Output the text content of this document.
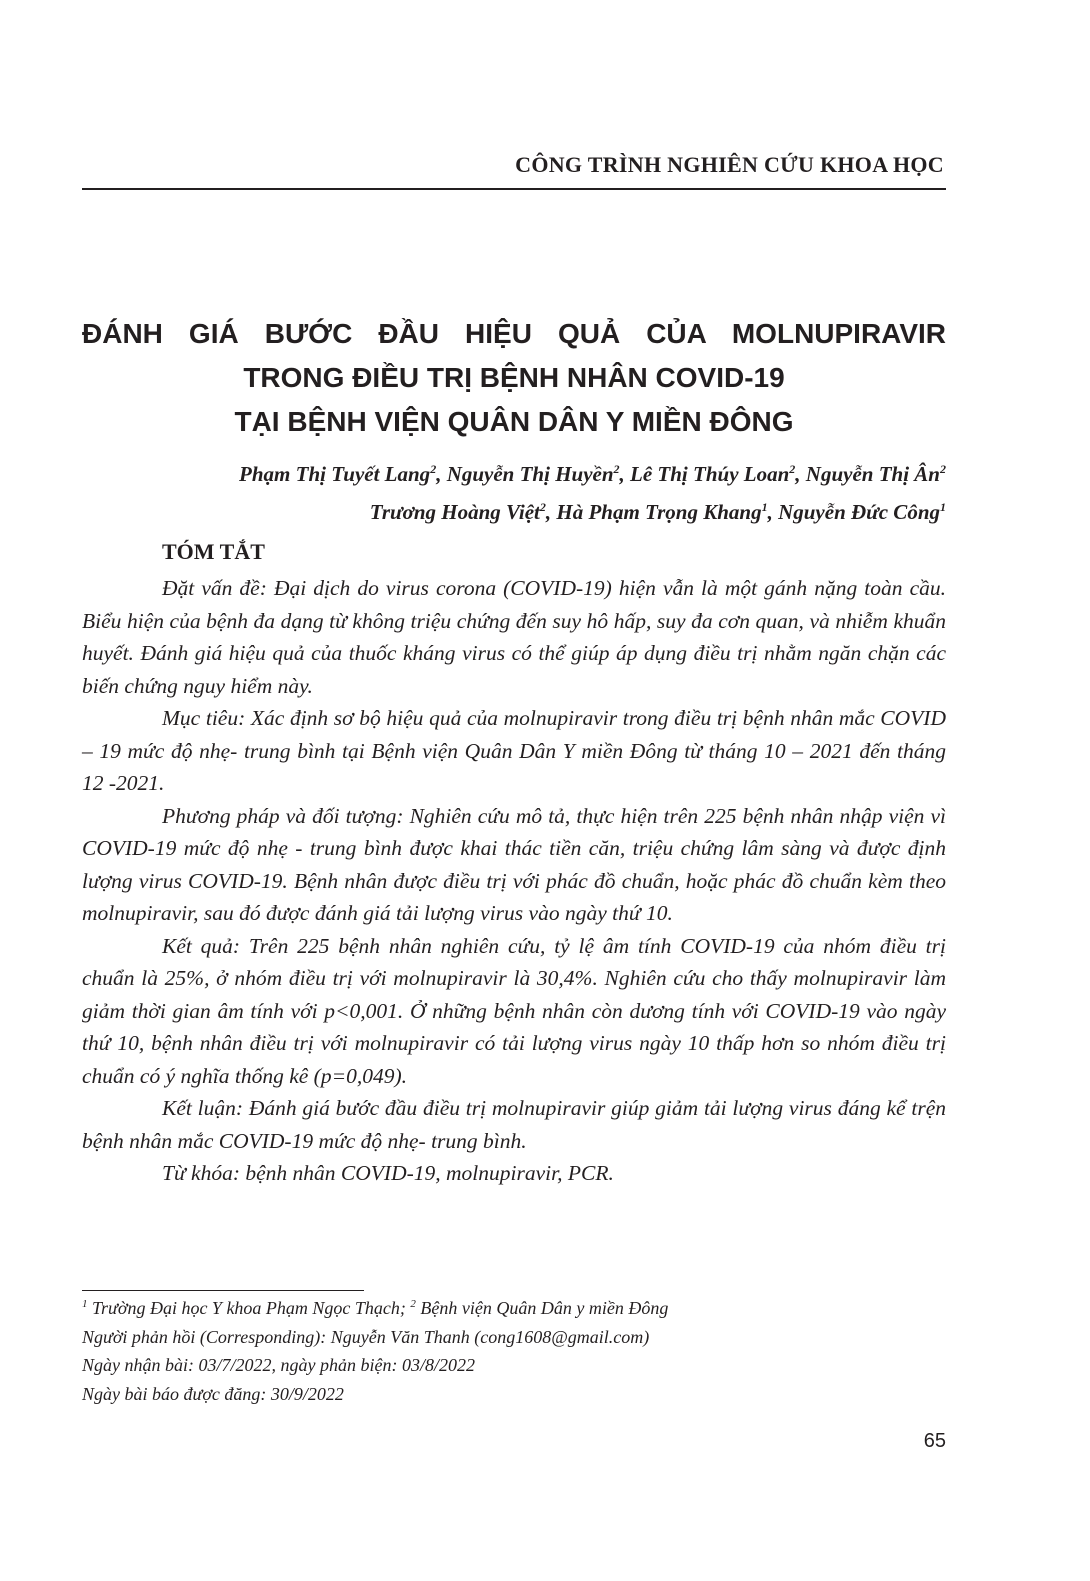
CÔNG TRÌNH NGHIÊN CỨU KHOA HỌC
ĐÁNH GIÁ BƯỚC ĐẦU HIỆU QUẢ CỦA MOLNUPIRAVIR
TRONG ĐIỀU TRỊ BỆNH NHÂN COVID-19
TẠI BỆNH VIỆN QUÂN DÂN Y MIỀN ĐÔNG
Phạm Thị Tuyết Lang$^2$, Nguyễn Thị Huyền$^2$, Lê Thị Thúy Loan$^2$, Nguyễn Thị $Ân^2$
Trương Hoàng Việt$^2$, Hà Phạm Trọng Khang$^1$, Nguyễn Đức Công$^1$
TÓM TẮT

Đặt vấn đề: Đại dịch do virus corona (COVID-19) hiện vẫn là một gánh nặng toàn cầu. Biểu hiện của bệnh đa dạng từ không triệu chứng đến suy hô hấp, suy đa cơn quan, và nhiễm khuẩn huyết. Đánh giá hiệu quả của thuốc kháng virus có thể giúp áp dụng điều trị nhằm ngăn chặn các biến chứng nguy hiểm này.

Mục tiêu: Xác định sơ bộ hiệu quả của molnupiravir trong điều trị bệnh nhân mắc COVID – 19 mức độ nhẹ- trung bình tại Bệnh viện Quân Dân Y miền Đông từ tháng 10 – 2021 đến tháng 12 -2021.

Phương pháp và đối tượng: Nghiên cứu mô tả, thực hiện trên 225 bệnh nhân nhập viện vì COVID-19 mức độ nhẹ - trung bình được khai thác tiền căn, triệu chứng lâm sàng và được định lượng virus COVID-19. Bệnh nhân được điều trị với phác đồ chuẩn, hoặc phác đồ chuẩn kèm theo molnupiravir, sau đó được đánh giá tải lượng virus vào ngày thứ 10.

Kết quả: Trên 225 bệnh nhân nghiên cứu, tỷ lệ âm tính COVID-19 của nhóm điều trị chuẩn là 25%, ở nhóm điều trị với molnupiravir là 30,4%. Nghiên cứu cho thấy molnupiravir làm giảm thời gian âm tính với p<0,001. Ở những bệnh nhân còn dương tính với COVID-19 vào ngày thứ 10, bệnh nhân điều trị với molnupiravir có tải lượng virus ngày 10 thấp hơn so nhóm điều trị chuẩn có ý nghĩa thống kê (p=0,049).

Kết luận: Đánh giá bước đầu điều trị molnupiravir giúp giảm tải lượng virus đáng kể trện bệnh nhân mắc COVID-19 mức độ nhẹ- trung bình.

Từ khóa: bệnh nhân COVID-19, molnupiravir, PCR.

$^1$ Trường Đại học Y khoa Phạm Ngọc Thạch; $^2$ Bệnh viện Quân Dân y miền Đông
Người phản hồi (Corresponding): Nguyễn Văn Thanh (cong1608@gmail.com)
Ngày nhận bài: 03/7/2022, ngày phản biện: 03/8/2022
Ngày bài báo được đăng: 30/9/2022
65
